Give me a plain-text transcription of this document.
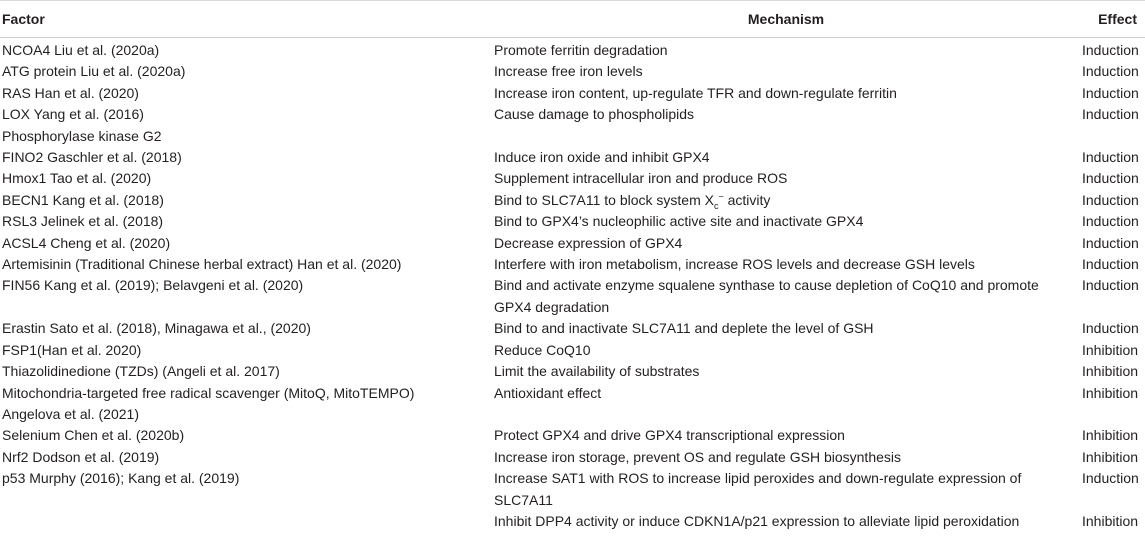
Factor	Mechanism	Effect
NCOA4 Liu et al. (2020a)	Promote ferritin degradation	Induction
ATG protein Liu et al. (2020a)	Increase free iron levels	Induction
RAS Han et al. (2020)	Increase iron content, up-regulate TFR and down-regulate ferritin	Induction
LOX Yang et al. (2016)	Cause damage to phospholipids	Induction
Phosphorylase kinase G2		
FINO2 Gaschler et al. (2018)	Induce iron oxide and inhibit GPX4	Induction
Hmox1 Tao et al. (2020)	Supplement intracellular iron and produce ROS	Induction
BECN1 Kang et al. (2018)	Bind to SLC7A11 to block system $X_c^-$ activity	Induction
RSL3 Jelinek et al. (2018)	Bind to GPX4’s nucleophilic active site and inactivate GPX4	Induction
ACSL4 Cheng et al. (2020)	Decrease expression of GPX4	Induction
Artemisinin (Traditional Chinese herbal extract) Han et al. (2020)	Interfere with iron metabolism, increase ROS levels and decrease GSH levels	Induction
FIN56 Kang et al. (2019); Belavgeni et al. (2020)	Bind and activate enzyme squalene synthase to cause depletion of CoQ10 and promote GPX4 degradation	Induction
Erastin Sato et al. (2018), Minagawa et al., (2020)	Bind to and inactivate SLC7A11 and deplete the level of GSH	Induction
FSP1(Han et al. 2020)	Reduce CoQ10	Inhibition
Thiazolidinedione (TZDs) (Angeli et al. 2017)	Limit the availability of substrates	Inhibition
Mitochondria-targeted free radical scavenger (MitoQ, MitoTEMPO)	Antioxidant effect	Inhibition
Angelova et al. (2021)		
Selenium Chen et al. (2020b)	Protect GPX4 and drive GPX4 transcriptional expression	Inhibition
Nrf2 Dodson et al. (2019)	Increase iron storage, prevent OS and regulate GSH biosynthesis	Inhibition
p53 Murphy (2016); Kang et al. (2019)	Increase SAT1 with ROS to increase lipid peroxides and down-regulate expression of SLC7A11	Induction
	Inhibit DPP4 activity or induce CDKN1A/p21 expression to alleviate lipid peroxidation	Inhibition
